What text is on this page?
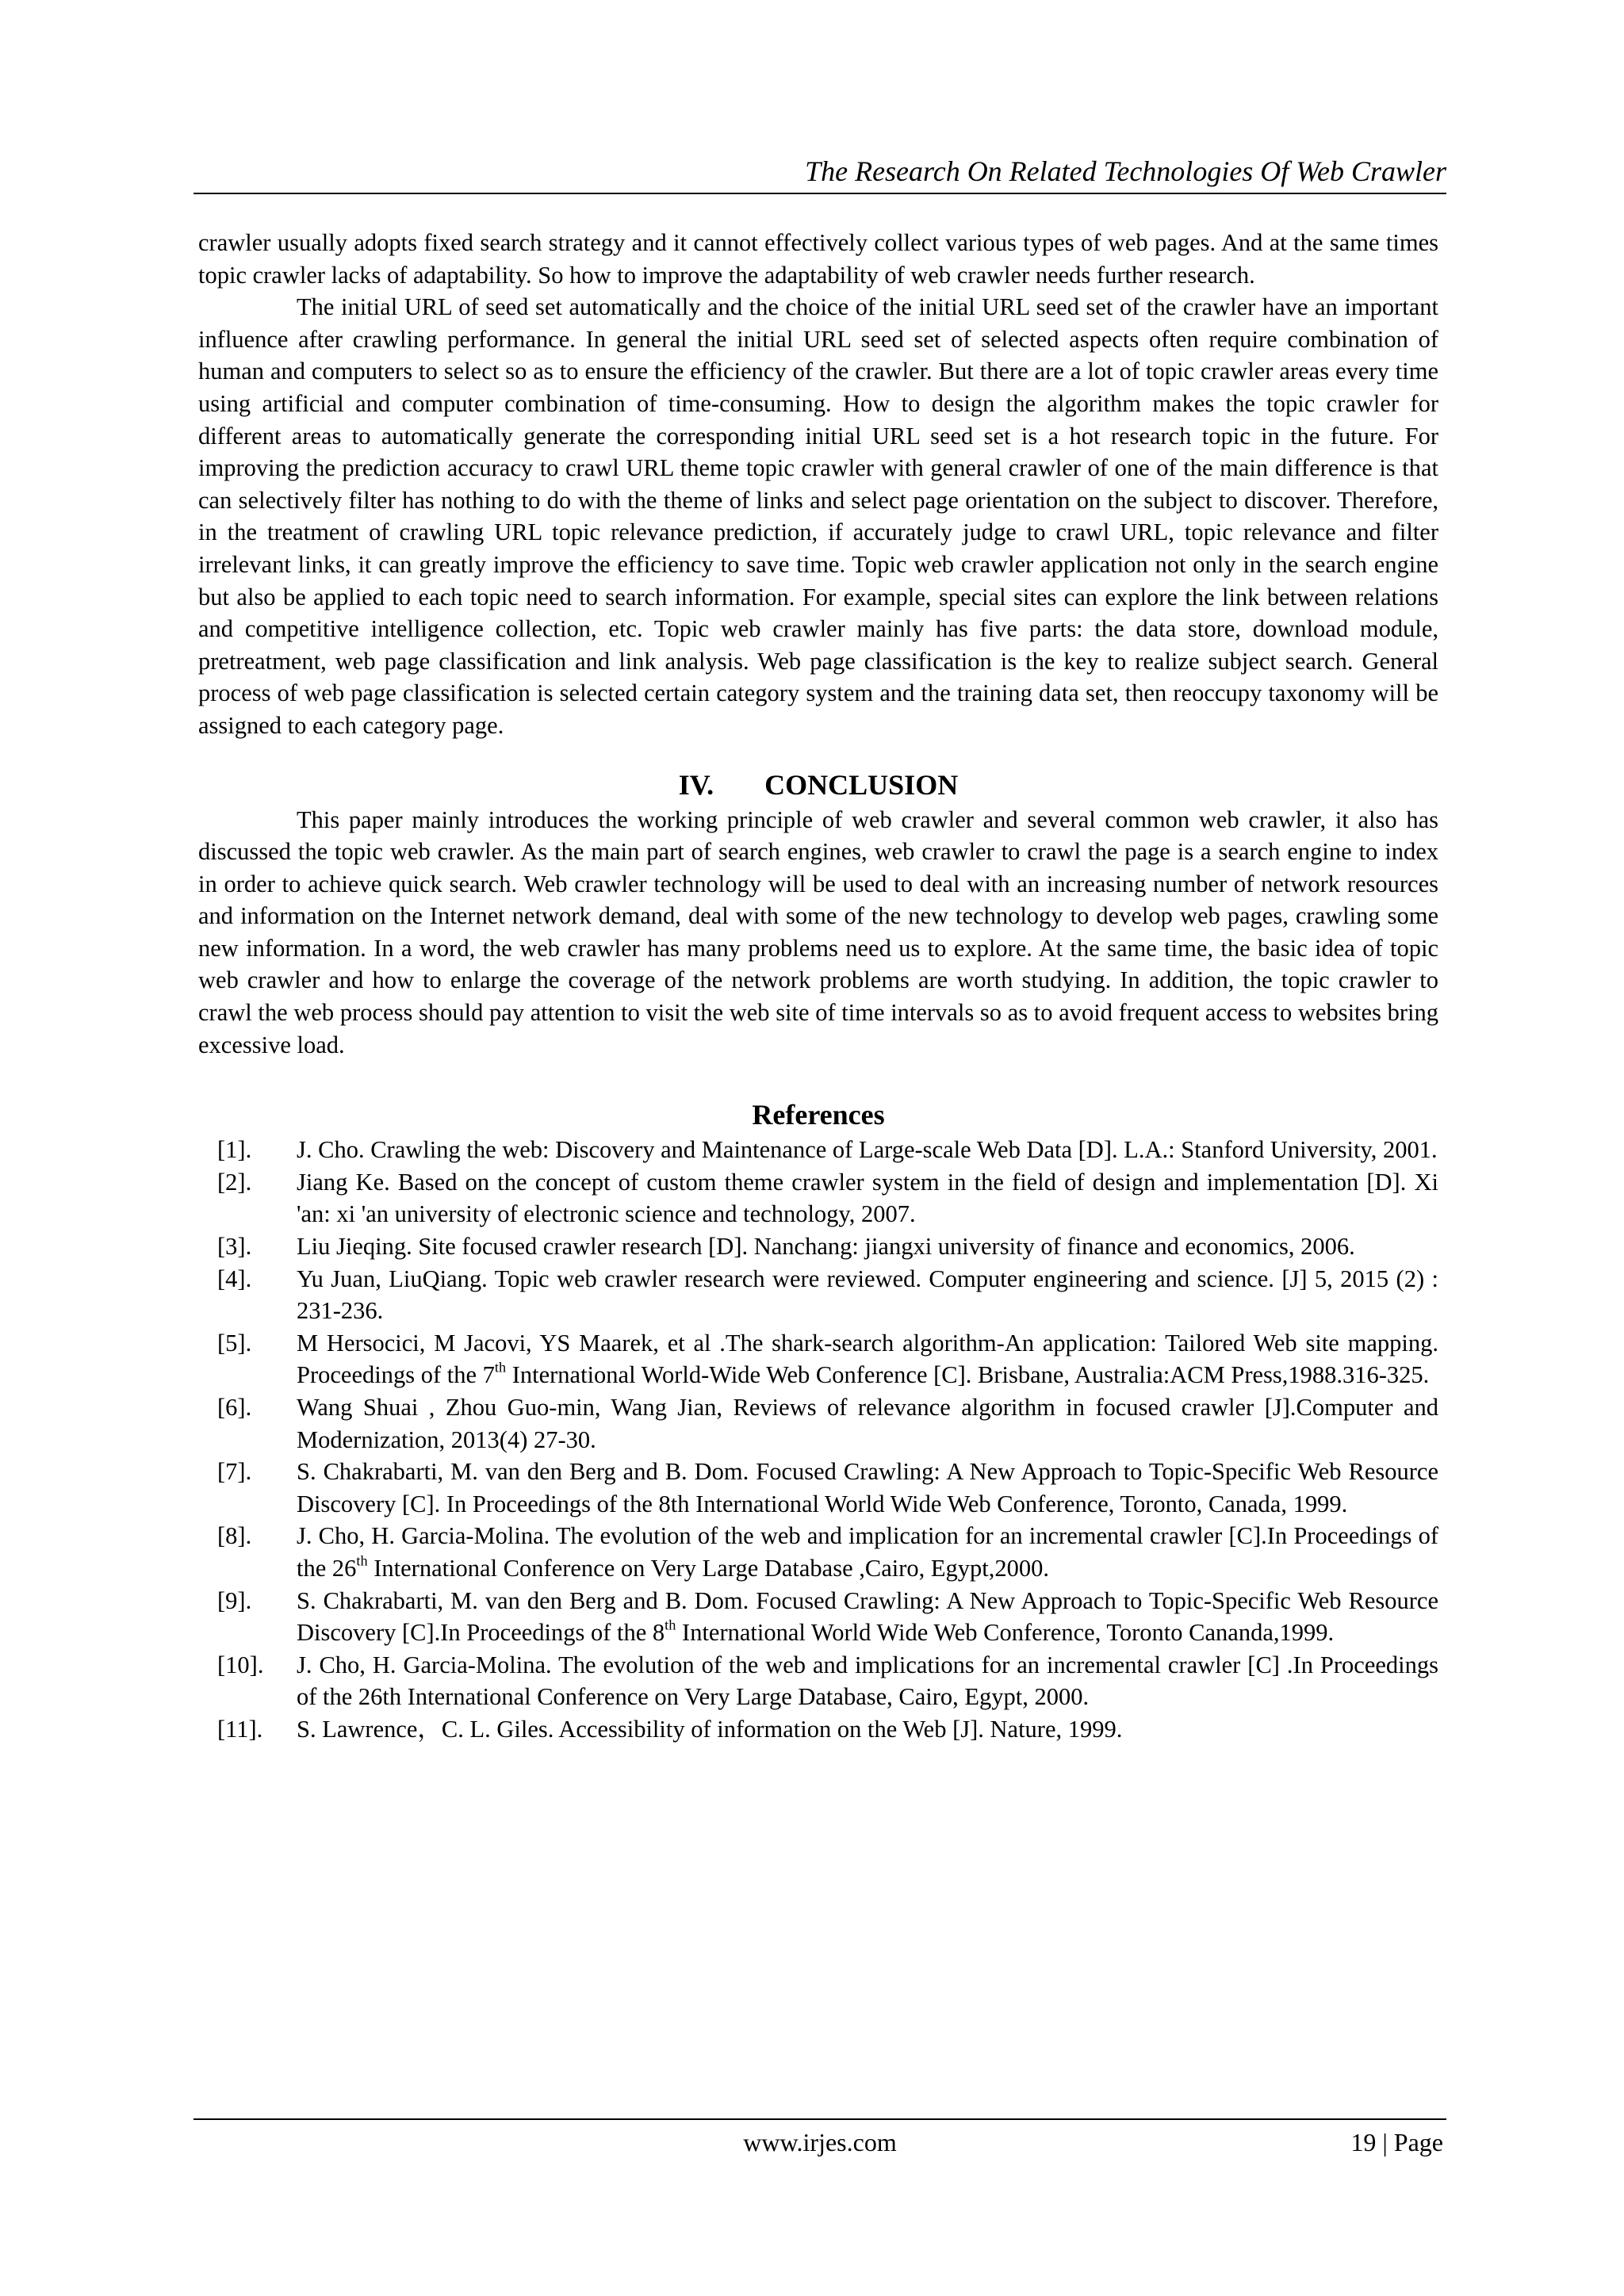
The Research On Related Technologies Of Web Crawler

crawler usually adopts fixed search strategy and it cannot effectively collect various types of web pages. And at the same times topic crawler lacks of adaptability. So how to improve the adaptability of web crawler needs further research.

The initial URL of seed set automatically and the choice of the initial URL seed set of the crawler have an important influence after crawling performance. In general the initial URL seed set of selected aspects often require combination of human and computers to select so as to ensure the efficiency of the crawler. But there are a lot of topic crawler areas every time using artificial and computer combination of time-consuming. How to design the algorithm makes the topic crawler for different areas to automatically generate the corresponding initial URL seed set is a hot research topic in the future. For improving the prediction accuracy to crawl URL theme topic crawler with general crawler of one of the main difference is that can selectively filter has nothing to do with the theme of links and select page orientation on the subject to discover. Therefore, in the treatment of crawling URL topic relevance prediction, if accurately judge to crawl URL, topic relevance and filter irrelevant links, it can greatly improve the efficiency to save time. Topic web crawler application not only in the search engine but also be applied to each topic need to search information. For example, special sites can explore the link between relations and competitive intelligence collection, etc. Topic web crawler mainly has five parts: the data store, download module, pretreatment, web page classification and link analysis. Web page classification is the key to realize subject search. General process of web page classification is selected certain category system and the training data set, then reoccupy taxonomy will be assigned to each category page.

IV. CONCLUSION

This paper mainly introduces the working principle of web crawler and several common web crawler, it also has discussed the topic web crawler. As the main part of search engines, web crawler to crawl the page is a search engine to index in order to achieve quick search. Web crawler technology will be used to deal with an increasing number of network resources and information on the Internet network demand, deal with some of the new technology to develop web pages, crawling some new information. In a word, the web crawler has many problems need us to explore. At the same time, the basic idea of topic web crawler and how to enlarge the coverage of the network problems are worth studying. In addition, the topic crawler to crawl the web process should pay attention to visit the web site of time intervals so as to avoid frequent access to websites bring excessive load.

References
[1].	J. Cho. Crawling the web: Discovery and Maintenance of Large-scale Web Data [D]. L.A.: Stanford University, 2001.
[2].	Jiang Ke. Based on the concept of custom theme crawler system in the field of design and implementation [D]. Xi 'an: xi 'an university of electronic science and technology, 2007.
[3].	Liu Jieqing. Site focused crawler research [D]. Nanchang: jiangxi university of finance and economics, 2006.
[4].	Yu Juan, LiuQiang. Topic web crawler research were reviewed. Computer engineering and science. [J] 5, 2015 (2) : 231-236.
[5].	M Hersocici, M Jacovi, YS Maarek, et al .The shark-search algorithm-An application: Tailored Web site mapping. Proceedings of the 7th International World-Wide Web Conference [C]. Brisbane, Australia:ACM Press,1988.316-325.
[6].	Wang Shuai , Zhou Guo-min, Wang Jian, Reviews of relevance algorithm in focused crawler [J].Computer and Modernization, 2013(4) 27-30.
[7].	S. Chakrabarti, M. van den Berg and B. Dom. Focused Crawling: A New Approach to Topic-Specific Web Resource Discovery [C]. In Proceedings of the 8th International World Wide Web Conference, Toronto, Canada, 1999.
[8].	J. Cho, H. Garcia-Molina. The evolution of the web and implication for an incremental crawler [C].In Proceedings of the 26th International Conference on Very Large Database ,Cairo, Egypt,2000.
[9].	S. Chakrabarti, M. van den Berg and B. Dom. Focused Crawling: A New Approach to Topic-Specific Web Resource Discovery [C].In Proceedings of the 8th International World Wide Web Conference, Toronto Cananda,1999.
[10].	J. Cho, H. Garcia-Molina. The evolution of the web and implications for an incremental crawler [C] .In Proceedings of the 26th International Conference on Very Large Database, Cairo, Egypt, 2000.
[11].	S. Lawrence，C. L. Giles. Accessibility of information on the Web [J]. Nature, 1999.
www.irjes.com	19 | Page
